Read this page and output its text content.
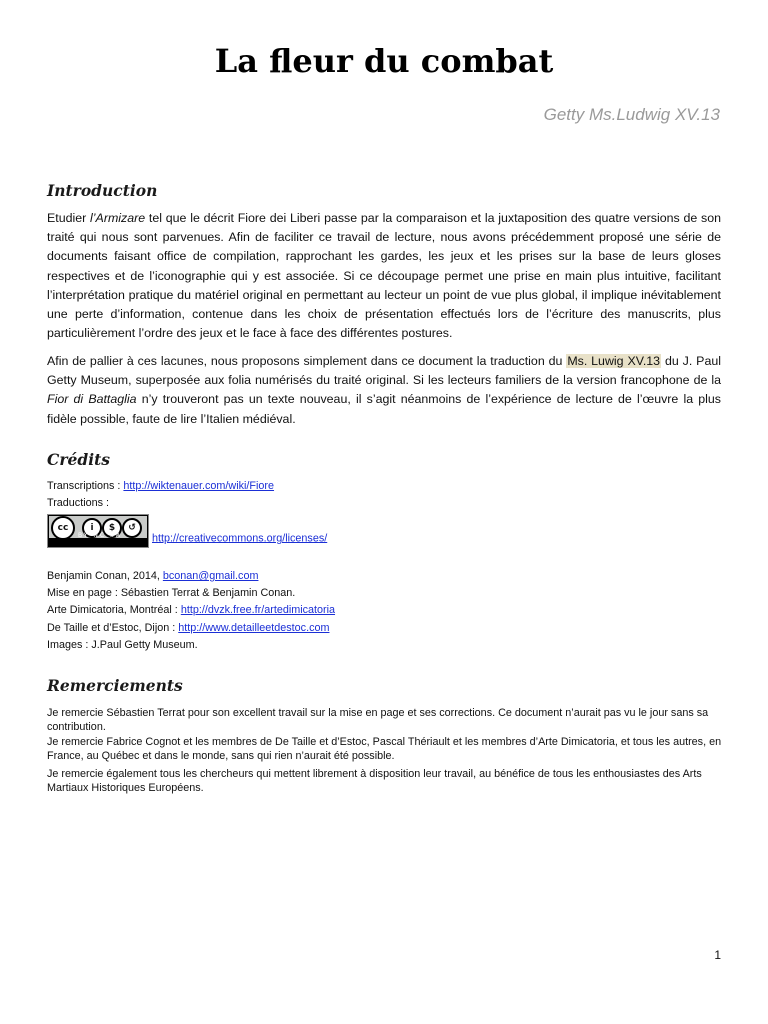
La fleur du combat
Getty Ms.Ludwig XV.13
Introduction

Etudier l’Armizare tel que le décrit Fiore dei Liberi passe par la comparaison et la juxtaposition des quatre versions de son traité qui nous sont parvenues. Afin de faciliter ce travail de lecture, nous avons précédemment proposé une série de documents faisant office de compilation, rapprochant les gardes, les jeux et les prises sur la base de leurs gloses respectives et de l’iconographie qui y est associée. Si ce découpage permet une prise en main plus intuitive, facilitant l’interprétation pratique du matériel original en permettant au lecteur un point de vue plus global, il implique inévitablement une perte d’information, contenue dans les choix de présentation effectués lors de l’écriture des manuscrits, plus particulièrement l’ordre des jeux et le face à face des différentes postures.

Afin de pallier à ces lacunes, nous proposons simplement dans ce document la traduction du Ms. Luwig XV.13 du J. Paul Getty Museum, superposée aux folia numérisés du traité original. Si les lecteurs familiers de la version francophone de la Fior di Battaglia n’y trouveront pas un texte nouveau, il s’agit néanmoins de l’expérience de lecture de l’œuvre la plus fidèle possible, faute de lire l’Italien médiéval.

Crédits
Transcriptions : http://wiktenauer.com/wiki/Fiore
Traductions :
cc	i	$	↺
BY NC SA	http://creativecommons.org/licenses/
Benjamin Conan, 2014, bconan@gmail.com
Mise en page : Sébastien Terrat & Benjamin Conan.
Arte Dimicatoria, Montréal : http://dvzk.free.fr/artedimicatoria
De Taille et d’Estoc, Dijon : http://www.detailleetdestoc.com
Images : J.Paul Getty Museum.
Remerciements
Je remercie Sébastien Terrat pour son excellent travail sur la mise en page et ses corrections. Ce document n’aurait pas vu le jour sans sa contribution.
Je remercie Fabrice Cognot et les membres de De Taille et d’Estoc, Pascal Thériault et les membres d’Arte Dimicatoria, et tous les autres, en France, au Québec et dans le monde, sans qui rien n’aurait été possible.
Je remercie également tous les chercheurs qui mettent librement à disposition leur travail, au bénéfice de tous les enthousiastes des Arts Martiaux Historiques Européens.
1
